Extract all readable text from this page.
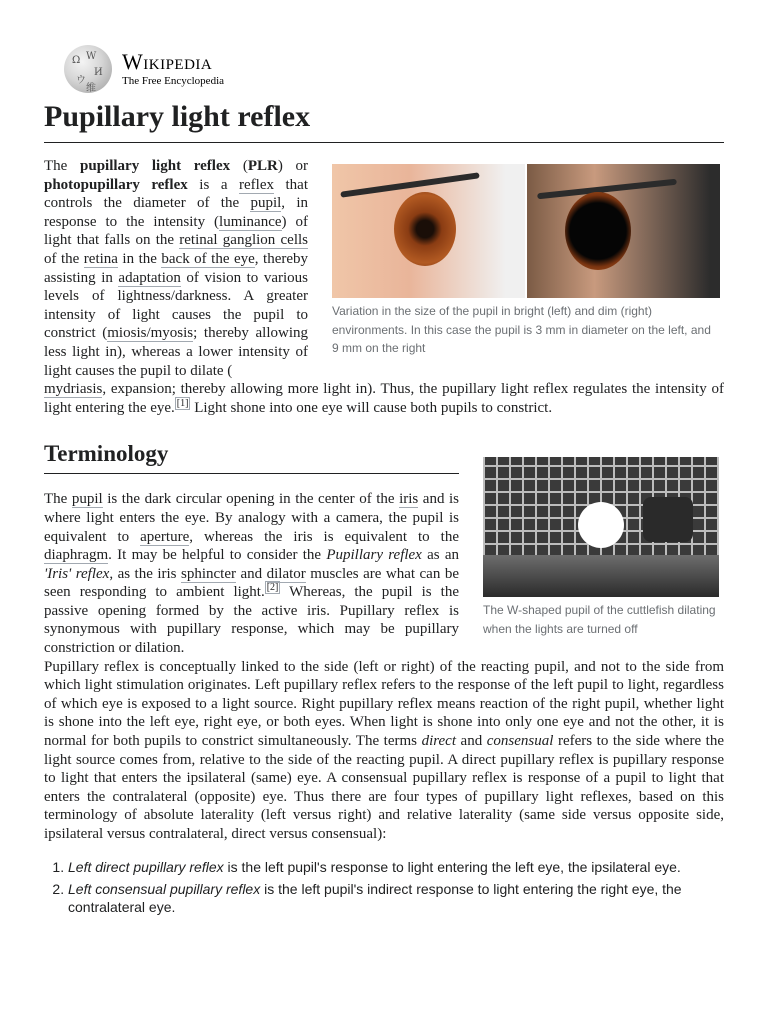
Ω W
И
ウ
维
Wikipedia
The Free Encyclopedia
Pupillary light reflex
Variation in the size of the pupil in bright (left) and dim (right) environments. In this case the pupil is 3 mm in diameter on the left, and 9 mm on the right

The pupillary light reflex (PLR) or photopupillary reflex is a reflex that controls the diameter of the pupil, in response to the intensity (luminance) of light that falls on the retinal ganglion cells of the retina in the back of the eye, thereby assisting in adaptation of vision to various levels of lightness/darkness. A greater intensity of light causes the pupil to constrict (miosis/myosis; thereby allowing less light in), whereas a lower intensity of light causes the pupil to dilate (

mydriasis, expansion; thereby allowing more light in). Thus, the pupillary light reflex regulates the intensity of light entering the eye. [1] Light shone into one eye will cause both pupils to constrict.

The W-shaped pupil of the cuttlefish dilating when the lights are turned off
Terminology

The pupil is the dark circular opening in the center of the iris and is where light enters the eye. By analogy with a camera, the pupil is equivalent to aperture, whereas the iris is equivalent to the diaphragm. It may be helpful to consider the Pupillary reflex as an 'Iris' reflex, as the iris sphincter and dilator muscles are what can be seen responding to ambient light. [2] Whereas, the pupil is the passive opening formed by the active iris. Pupillary reflex is synonymous with pupillary response, which may be pupillary constriction or dilation.

Pupillary reflex is conceptually linked to the side (left or right) of the reacting pupil, and not to the side from which light stimulation originates. Left pupillary reflex refers to the response of the left pupil to light, regardless of which eye is exposed to a light source. Right pupillary reflex means reaction of the right pupil, whether light is shone into the left eye, right eye, or both eyes. When light is shone into only one eye and not the other, it is normal for both pupils to constrict simultaneously. The terms direct and consensual refers to the side where the light source comes from, relative to the side of the reacting pupil. A direct pupillary reflex is pupillary response to light that enters the ipsilateral (same) eye. A consensual pupillary reflex is response of a pupil to light that enters the contralateral (opposite) eye. Thus there are four types of pupillary light reflexes, based on this terminology of absolute laterality (left versus right) and relative laterality (same side versus opposite side, ipsilateral versus contralateral, direct versus consensual):

1. Left direct pupillary reflex is the left pupil's response to light entering the left eye, the ipsilateral eye.
2. Left consensual pupillary reflex is the left pupil's indirect response to light entering the right eye, the contralateral eye.
